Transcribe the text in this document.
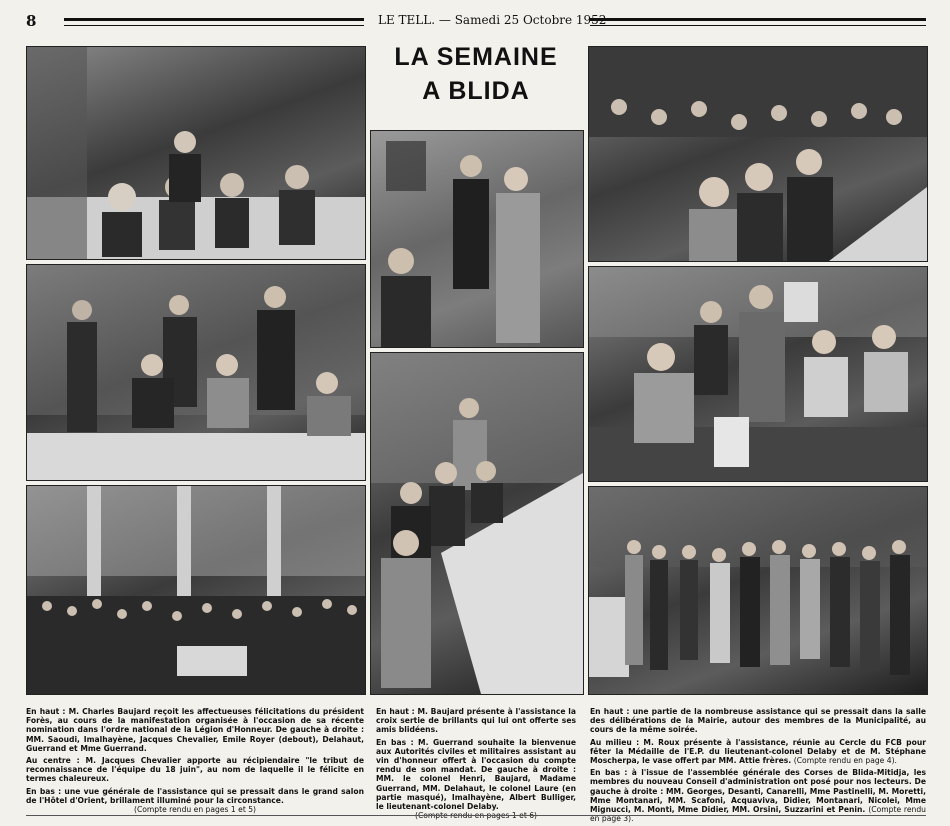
8	LE TELL. — Samedi 25 Octobre 1952
LA SEMAINE
A BLIDA

En haut : M. Charles Baujard reçoit les affectueuses félicitations du président Forès, au cours de la manifestation organisée à l'occasion de sa récente nomination dans l'ordre national de la Légion d'Honneur. De gauche à droite : MM. Saoudi, Imalhayène, Jacques Chevalier, Emile Royer (debout), Delahaut, Guerrand et Mme Guerrand.

Au centre : M. Jacques Chevalier apporte au récipiendaire "le tribut de reconnaissance de l'équipe du 18 juin", au nom de laquelle il le félicite en termes chaleureux.

En bas : une vue générale de l'assistance qui se pressait dans le grand salon de l'Hôtel d'Orient, brillament illuminé pour la circonstance.
(Compte rendu en pages 1 et 5)

En haut : M. Baujard présente à l'assistance la croix sertie de brillants qui lui ont offerte ses amis blidéens.

En bas : M. Guerrand souhaite la bienvenue aux Autorités civiles et militaires assistant au vin d'honneur offert à l'occasion du compte rendu de son mandat. De gauche à droite : MM. le colonel Henri, Baujard, Madame Guerrand, MM. Delahaut, le colonel Laure (en partie masqué), Imalhayène, Albert Bulliger, le lieutenant-colonel Delaby.
(Compte rendu en pages 1 et 6)

En haut : une partie de la nombreuse assistance qui se pressait dans la salle des délibérations de la Mairie, autour des membres de la Municipalité, au cours de la même soirée.

Au milieu : M. Roux présente à l'assistance, réunie au Cercle du FCB pour fêter la Médaille de l'E.P. du lieutenant-colonel Delaby et de M. Stéphane Moscherpa, le vase offert par MM. Attie frères. (Compte rendu en page 4).

En bas : à l'issue de l'assemblée générale des Corses de Blida-Mitidja, les membres du nouveau Conseil d'administration ont posé pour nos lecteurs. De gauche à droite : MM. Georges, Desanti, Canarelli, Mme Pastinelli, M. Moretti, Mme Montanari, MM. Scafoni, Acquaviva, Didier, Montanari, Nicolei, Mme Mignucci, M. Monti, Mme Didier, MM. Orsini, Suzzarini et Penin. (Compte rendu en page 3).
